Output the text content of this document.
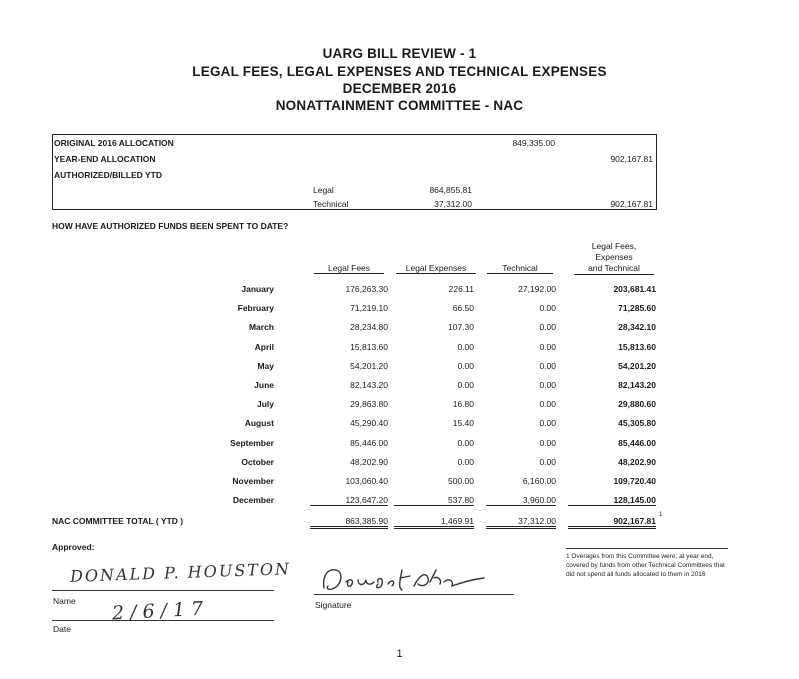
UARG BILL REVIEW - 1
LEGAL FEES, LEGAL EXPENSES AND TECHNICAL EXPENSES
DECEMBER 2016
NONATTAINMENT COMMITTEE - NAC
ORIGINAL 2016 ALLOCATION	849,335.00
YEAR-END ALLOCATION	902,167.81
AUTHORIZED/BILLED YTD
Legal	864,855.81
Technical	37,312.00	902,167.81
HOW HAVE AUTHORIZED FUNDS BEEN SPENT TO DATE?
Legal Fees,
Expenses
and Technical
Legal Fees	Legal Expenses	Technical
January	176,263.30	226.11	27,192.00	203,681.41
February	71,219.10	66.50	0.00	71,285.60
March	28,234.80	107.30	0.00	28,342.10
April	15,813.60	0.00	0.00	15,813.60
May	54,201.20	0.00	0.00	54,201.20
June	82,143.20	0.00	0.00	82,143.20
July	29,863.80	16.80	0.00	29,880.60
August	45,290.40	15.40	0.00	45,305.80
September	85,446.00	0.00	0.00	85,446.00
October	48,202.90	0.00	0.00	48,202.90
November	103,060.40	500.00	6,160.00	109,720.40
December	123,647.20	537.80	3,960.00	128,145.00
NAC COMMITTEE TOTAL ( YTD )	863,385.90	1,469.91	37,312.00	902,167.81
1
Approved:
DONALD P. HOUSTON
Name 2/6/17
Date
Signature
1 Overages from this Committee were, at year end, covered by funds from other Technical Committees that did not spend all funds allocated to them in 2016
1
